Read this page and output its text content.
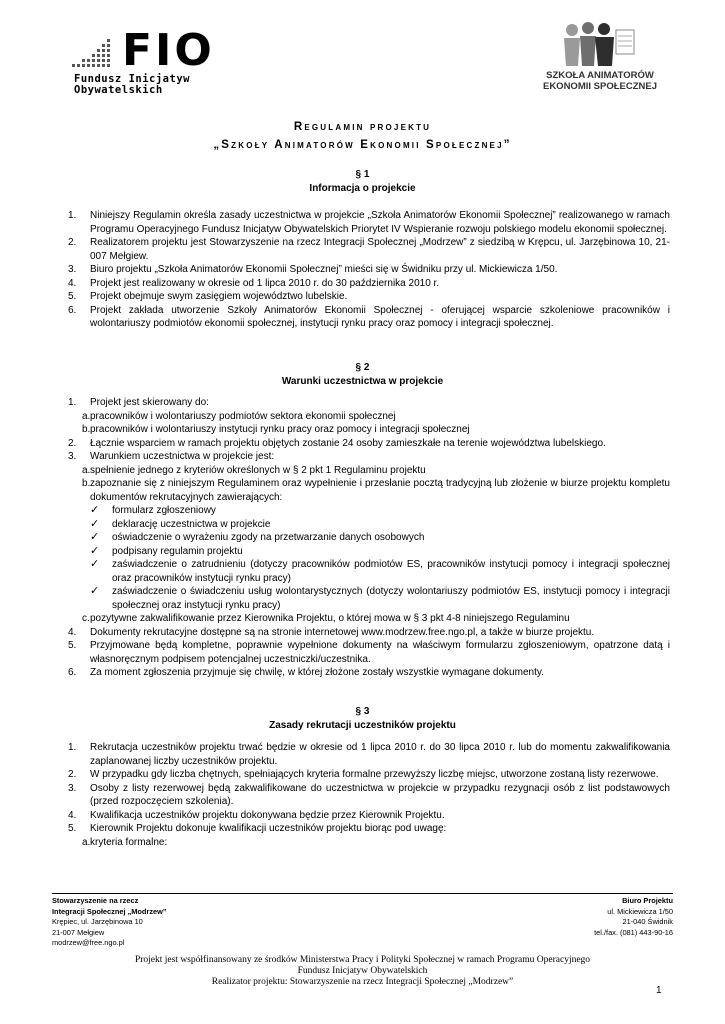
FIO
Fundusz Inicjatyw
Obywatelskich
SZKOŁA ANIMATORÓW
EKONOMII SPOŁECZNEJ
Regulamin projektu
„Szkoły Animatorów Ekonomii Społecznej”
§ 1
Informacja o projekcie
1. Niniejszy Regulamin określa zasady uczestnictwa w projekcie „Szkoła Animatorów Ekonomii Społecznej” realizowanego w ramach Programu Operacyjnego Fundusz Inicjatyw Obywatelskich Priorytet IV Wspieranie rozwoju polskiego modelu ekonomii społecznej.
2. Realizatorem projektu jest Stowarzyszenie na rzecz Integracji Społecznej „Modrzew” z siedzibą w Krępcu, ul. Jarzębinowa 10, 21-007 Mełgiew.
3. Biuro projektu „Szkoła Animatorów Ekonomii Społecznej” mieści się w Świdniku przy ul. Mickiewicza 1/50.
4. Projekt jest realizowany w okresie od 1 lipca 2010 r. do 30 października 2010 r.
5. Projekt obejmuje swym zasięgiem województwo lubelskie.
6. Projekt zakłada utworzenie Szkoły Animatorów Ekonomii Społecznej - oferującej wsparcie szkoleniowe pracowników i wolontariuszy podmiotów ekonomii społecznej, instytucji rynku pracy oraz pomocy i integracji społecznej.
§ 2
Warunki uczestnictwa w projekcie
1. Projekt jest skierowany do:
a. pracowników i wolontariuszy podmiotów sektora ekonomii społecznej
b. pracowników i wolontariuszy instytucji rynku pracy oraz pomocy i integracji społecznej
2. Łącznie wsparciem w ramach projektu objętych zostanie 24 osoby zamieszkałe na terenie województwa lubelskiego.
3. Warunkiem uczestnictwa w projekcie jest:
a. spełnienie jednego z kryteriów określonych w § 2 pkt 1 Regulaminu projektu
b. zapoznanie się z niniejszym Regulaminem oraz wypełnienie i przesłanie pocztą tradycyjną lub złożenie w biurze projektu kompletu dokumentów rekrutacyjnych zawierających:
✓ formularz zgłoszeniowy
✓ deklarację uczestnictwa w projekcie
✓ oświadczenie o wyrażeniu zgody na przetwarzanie danych osobowych
✓ podpisany regulamin projektu
✓ zaświadczenie o zatrudnieniu (dotyczy pracowników podmiotów ES, pracowników instytucji pomocy i integracji społecznej oraz pracowników instytucji rynku pracy)
✓ zaświadczenie o świadczeniu usług wolontarystycznych (dotyczy wolontariuszy podmiotów ES, instytucji pomocy i integracji społecznej oraz instytucji rynku pracy)
c. pozytywne zakwalifikowanie przez Kierownika Projektu, o której mowa w § 3 pkt 4-8 niniejszego Regulaminu
4. Dokumenty rekrutacyjne dostępne są na stronie internetowej www.modrzew.free.ngo.pl, a także w biurze projektu.
5. Przyjmowane będą kompletne, poprawnie wypełnione dokumenty na właściwym formularzu zgłoszeniowym, opatrzone datą i własnoręcznym podpisem potencjalnej uczestniczki/uczestnika.
6. Za moment zgłoszenia przyjmuje się chwilę, w której złożone zostały wszystkie wymagane dokumenty.
§ 3
Zasady rekrutacji uczestników projektu
1. Rekrutacja uczestników projektu trwać będzie w okresie od 1 lipca 2010 r. do 30 lipca 2010 r. lub do momentu zakwalifikowania zaplanowanej liczby uczestników projektu.
2. W przypadku gdy liczba chętnych, spełniających kryteria formalne przewyższy liczbę miejsc, utworzone zostaną listy rezerwowe.
3. Osoby z listy rezerwowej będą zakwalifikowane do uczestnictwa w projekcie w przypadku rezygnacji osób z list podstawowych (przed rozpoczęciem szkolenia).
4. Kwalifikacja uczestników projektu dokonywana będzie przez Kierownik Projektu.
5. Kierownik Projektu dokonuje kwalifikacji uczestników projektu biorąc pod uwagę:
a. kryteria formalne:
Stowarzyszenie na rzecz
Integracji Społecznej „Modrzew”
Krępiec, ul. Jarzębinowa 10
21-007 Mełgiew
modrzew@free.ngo.pl
Biuro Projektu
ul. Mickiewicza 1/50
21-040 Świdnik
tel./fax. (081) 443-90-16
Projekt jest współfinansowany ze środków Ministerstwa Pracy i Polityki Społecznej w ramach Programu Operacyjnego
Fundusz Inicjatyw Obywatelskich
Realizator projektu: Stowarzyszenie na rzecz Integracji Społecznej „Modrzew”
1
